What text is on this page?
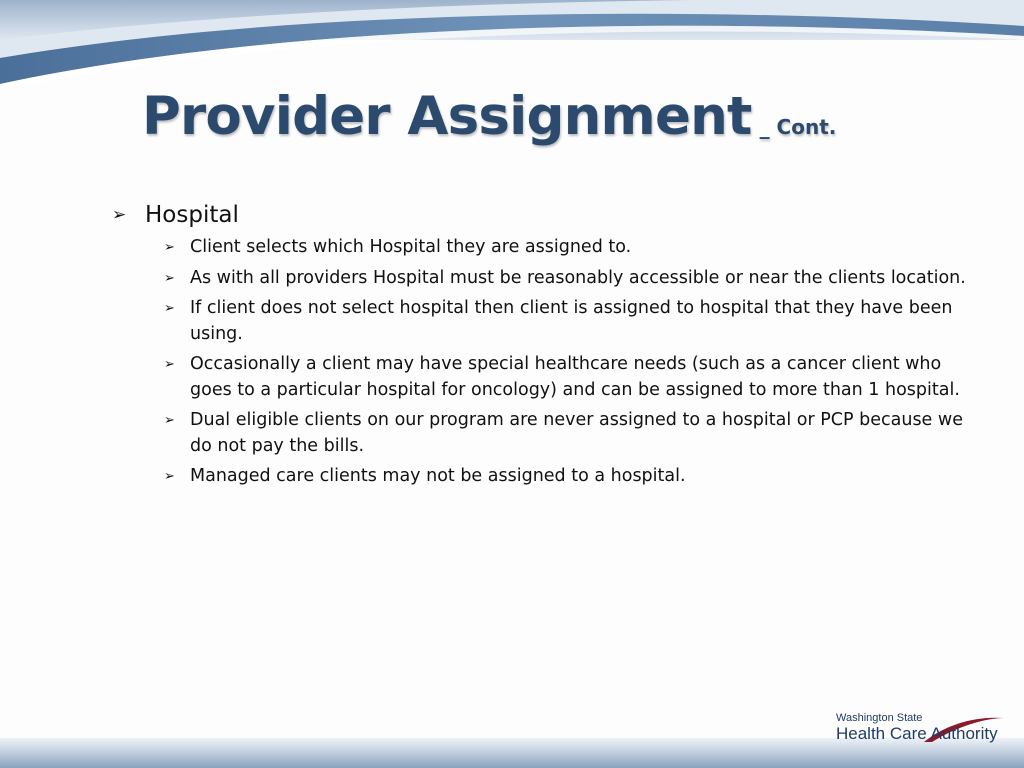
Provider Assignment _ Cont.
➢ Hospital
➢ Client selects which Hospital they are assigned to.
➢ As with all providers Hospital must be reasonably accessible or near the clients location.
➢ If client does not select hospital then client is assigned to hospital that they have been using.
➢ Occasionally a client may have special healthcare needs (such as a cancer client who goes to a particular hospital for oncology) and can be assigned to more than 1 hospital.
➢ Dual eligible clients on our program are never assigned to a hospital or PCP because we do not pay the bills.
➢ Managed care clients may not be assigned to a hospital.
Washington State
Health Care Authority
